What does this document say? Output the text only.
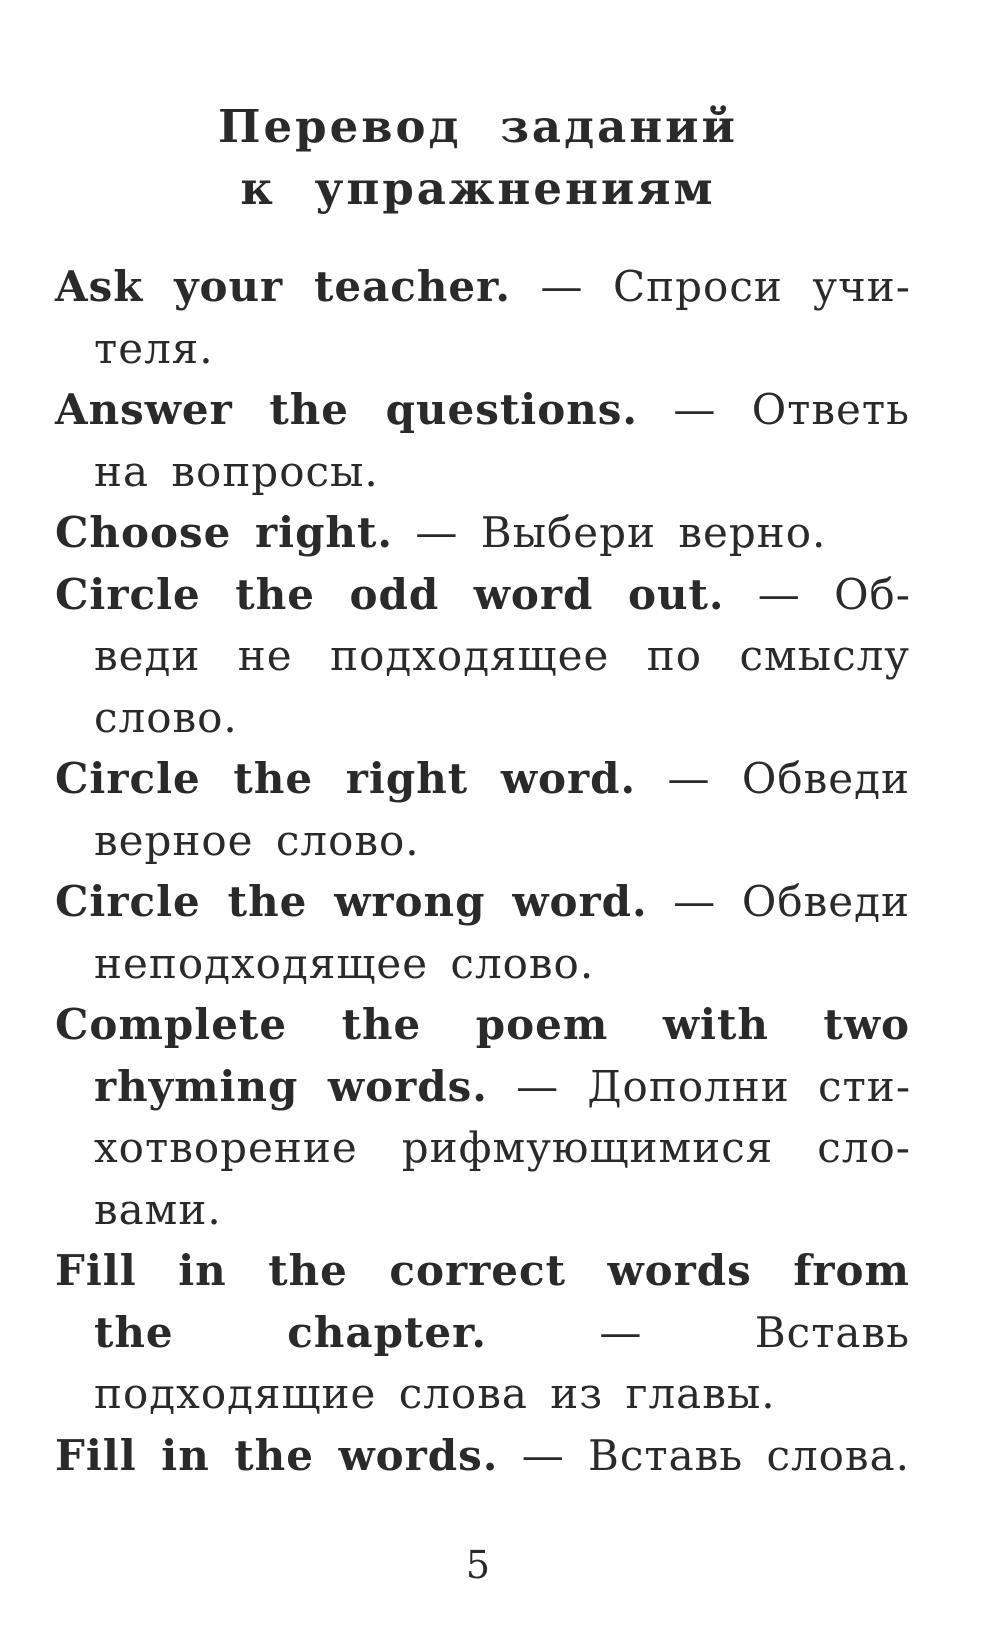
Перевод заданий
к упражнениям
Ask your teacher. — Спроси учителя.
Answer the questions. — Ответь на вопросы.
Choose right. — Выбери верно.
Circle the odd word out. — Обведи не подходящее по смыслу слово.
Circle the right word. — Обведи верное слово.
Circle the wrong word. — Обведи неподходящее слово.
Complete the poem with two rhyming words. — Дополни стихотворение рифмующимися словами.
Fill in the correct words from the chapter.	—	Вставь подходящие слова из главы.
Fill in the words. — Вставь слова.
5
